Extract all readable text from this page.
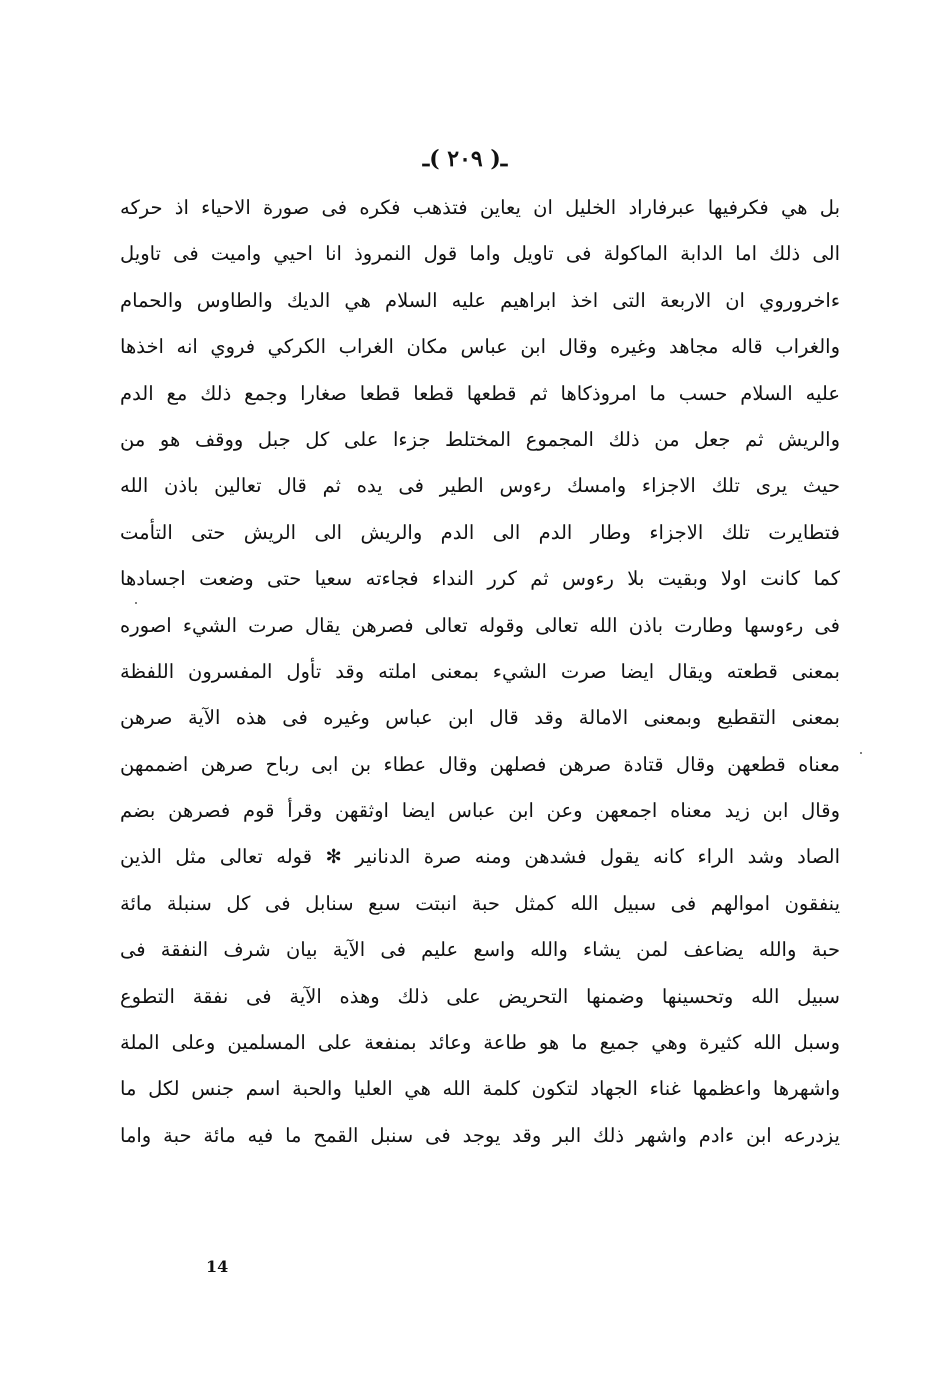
ـ( ٢٠٩ )ـ
بل هي فكرفيها عبرفاراد الخليل ان يعاين فتذهب فكره فى صورة الاحياء اذ حركه
الى ذلك اما الدابة الماكولة فى تاويل واما قول النمروذ انا احيي واميت فى تاويل
ءاخروروي ان الاربعة التى اخذ ابراهيم عليه السلام هي الديك والطاوس والحمام
والغراب قاله مجاهد وغيره وقال ابن عباس مكان الغراب الكركي فروي انه اخذها
عليه السلام حسب ما امروذكاها ثم قطعها قطعا قطعا صغارا وجمع ذلك مع الدم
والريش ثم جعل من ذلك المجموع المختلط جزءا على كل جبل ووقف هو من
حيث يرى تلك الاجزاء وامسك رءوس الطير فى يده ثم قال تعالين باذن الله
فتطايرت تلك الاجزاء وطار الدم الى الدم والريش الى الريش حتى التأمت
كما كانت اولا وبقيت بلا رءوس ثم كرر النداء فجاءته سعيا حتى وضعت اجسادها
فى رءوسها وطارت باذن الله تعالى وقوله تعالى فصرهن يقال صرت الشيء اصوره
بمعنى قطعته ويقال ايضا صرت الشيء بمعنى املته وقد تأول المفسرون اللفظة
بمعنى التقطيع وبمعنى الامالة وقد قال ابن عباس وغيره فى هذه الآية صرهن
معناه قطعهن وقال قتادة صرهن فصلهن وقال عطاء بن ابى رباح صرهن اضممهن
وقال ابن زيد معناه اجمعهن وعن ابن عباس ايضا اوثقهن وقرأ قوم فصرهن بضم
الصاد وشد الراء كانه يقول فشدهن ومنه صرة الدنانير ✻ قوله تعالى مثل الذين
ينفقون اموالهم فى سبيل الله كمثل حبة انبتت سبع سنابل فى كل سنبلة مائة
حبة والله يضاعف لمن يشاء والله واسع عليم فى الآية بيان شرف النفقة فى
سبيل الله وتحسينها وضمنها التحريض على ذلك وهذه الآية فى نفقة التطوع
وسبل الله كثيرة وهي جميع ما هو طاعة وعائد بمنفعة على المسلمين وعلى الملة
واشهرها واعظمها غناء الجهاد لتكون كلمة الله هي العليا والحبة اسم جنس لكل ما
يزدرعه ابن ءادم واشهر ذلك البر وقد يوجد فى سنبل القمح ما فيه مائة حبة واما
14
